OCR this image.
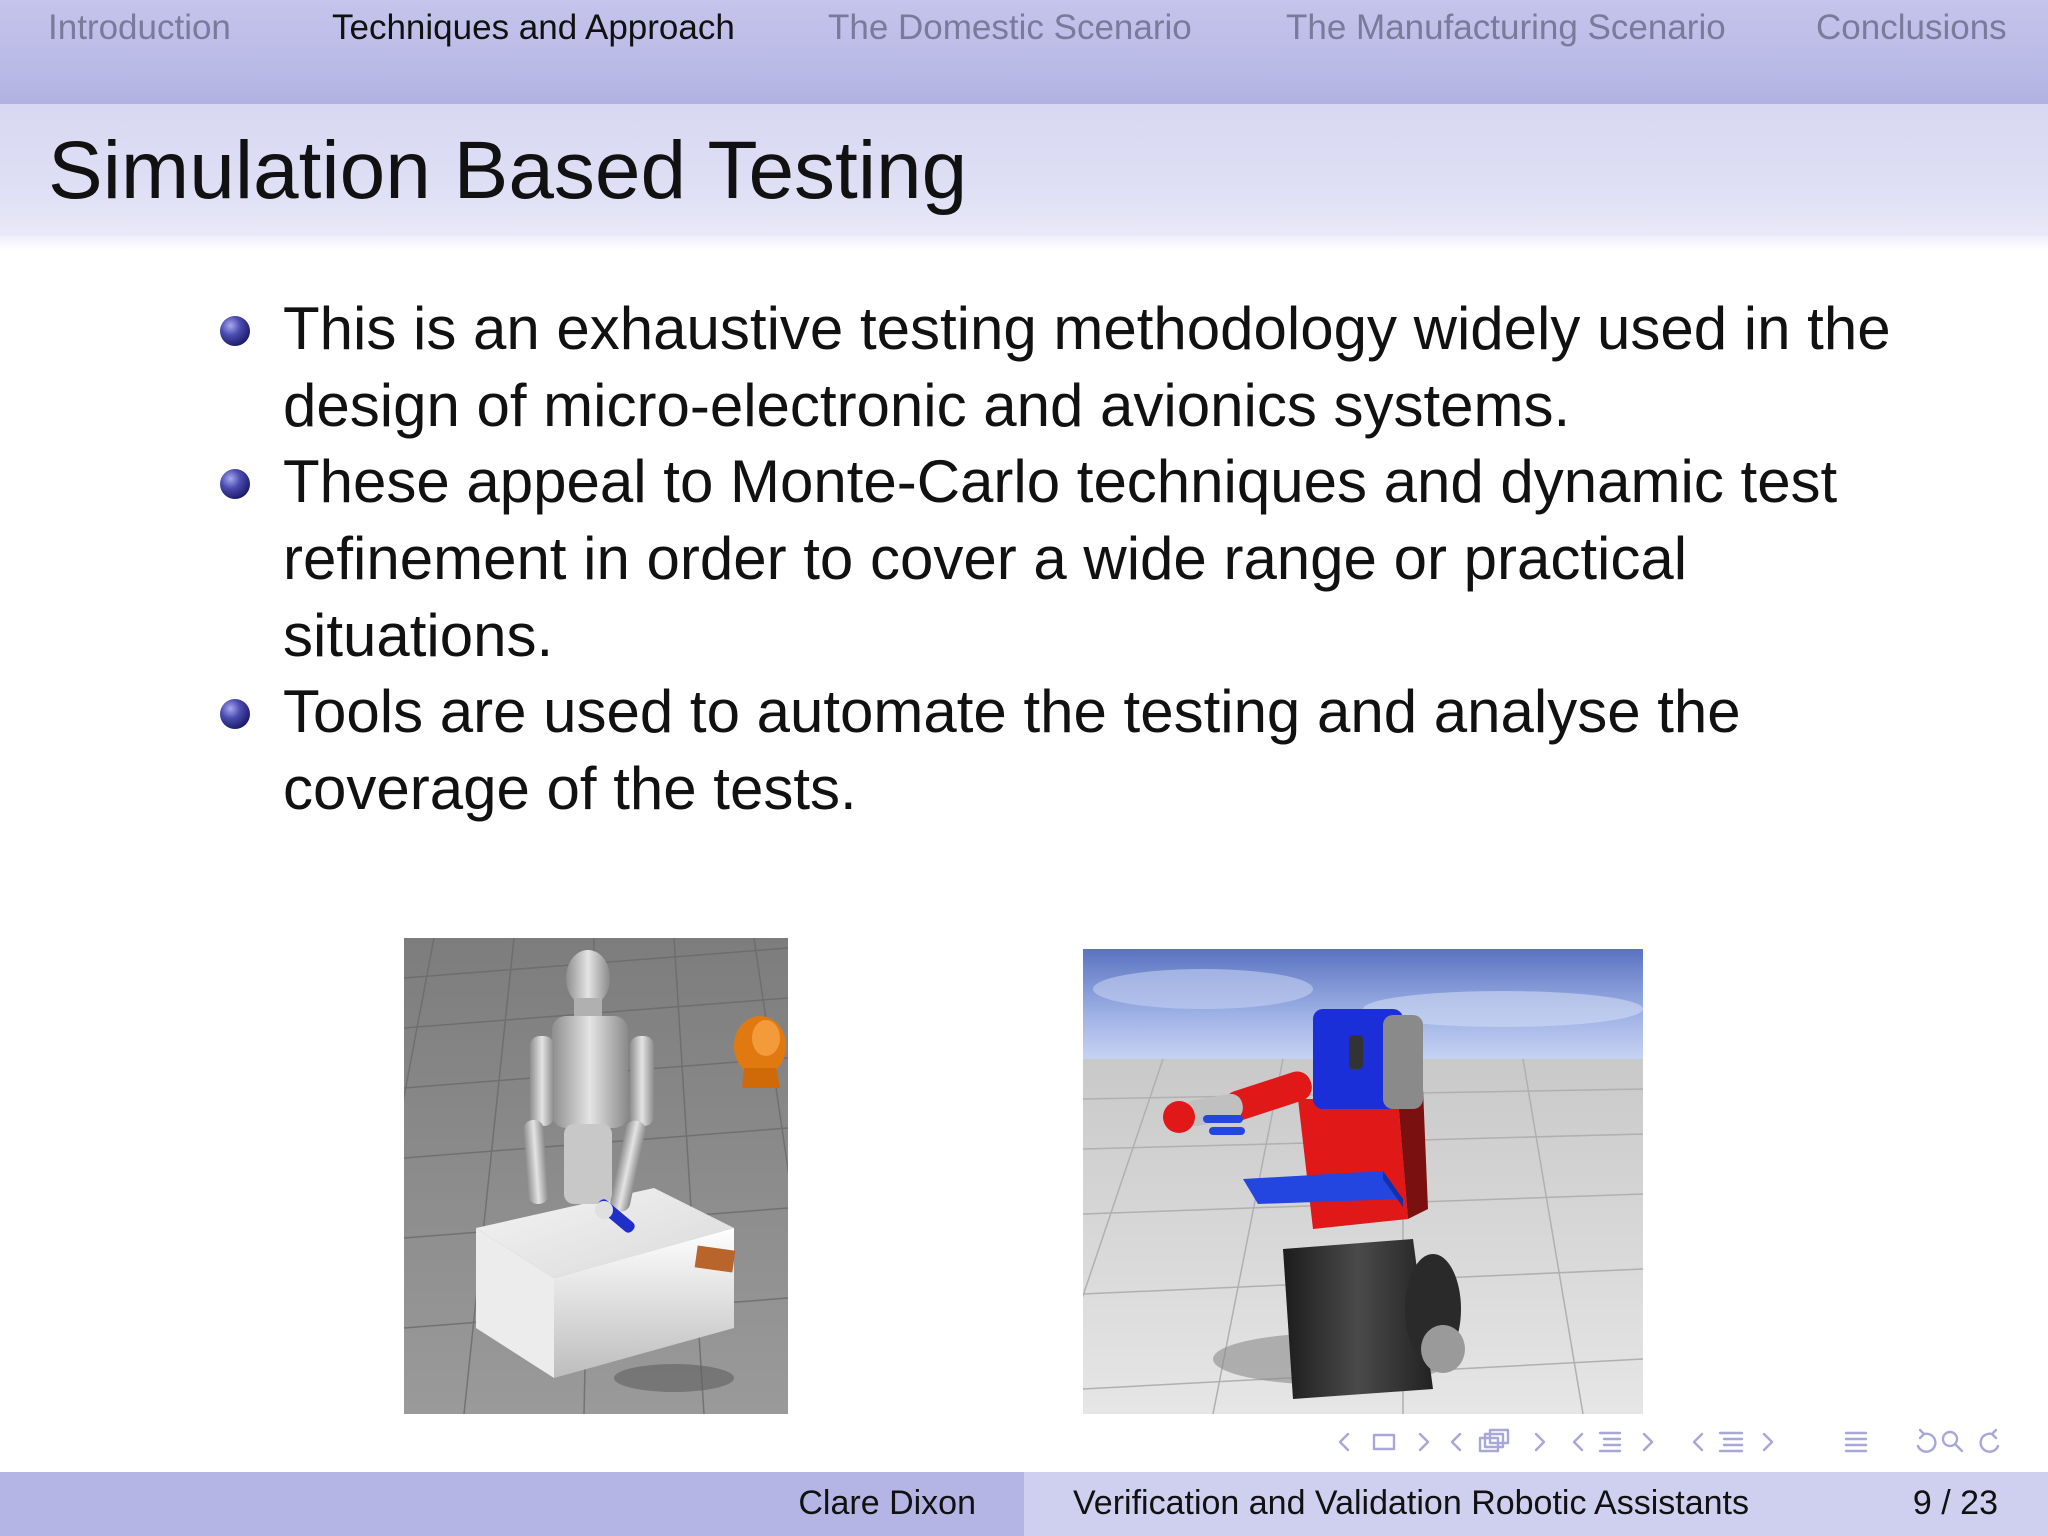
Introduction	Techniques and Approach	The Domestic Scenario	The Manufacturing Scenario	Conclusions
Simulation Based Testing
This is an exhaustive testing methodology widely used in the design of micro-electronic and avionics systems.
These appeal to Monte-Carlo techniques and dynamic test refinement in order to cover a wide range or practical situations.
Tools are used to automate the testing and analyse the coverage of the tests.
Clare Dixon	Verification and Validation Robotic Assistants	9 / 23
